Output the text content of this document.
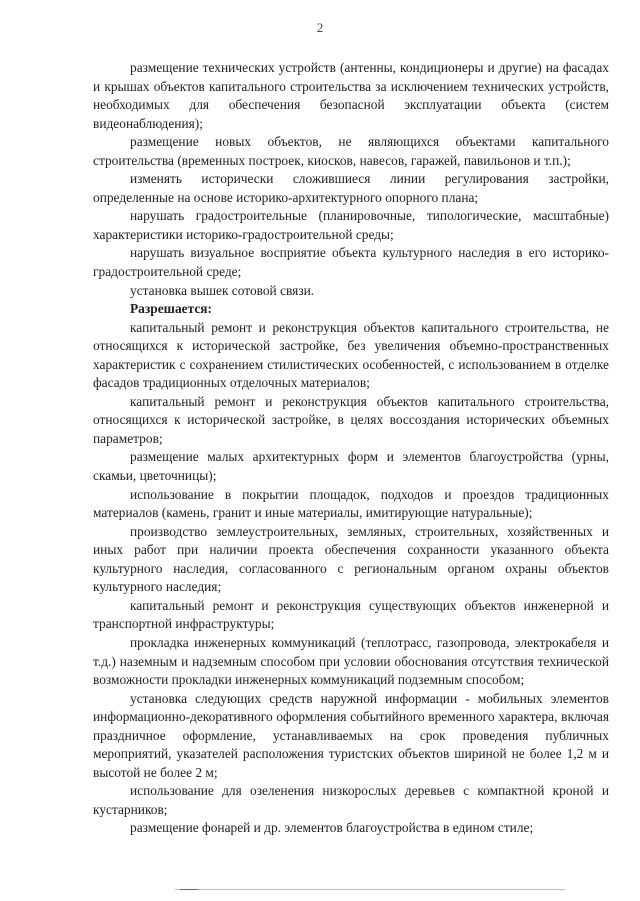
2

размещение технических устройств (антенны, кондиционеры и другие) на фасадах и крышах объектов капитального строительства за исключением технических устройств, необходимых для обеспечения безопасной эксплуатации объекта (систем видеонаблюдения);

размещение новых объектов, не являющихся объектами капитального строительства (временных построек, киосков, навесов, гаражей, павильонов и т.п.);

изменять исторически сложившиеся линии регулирования застройки, определенные на основе историко-архитектурного опорного плана;

нарушать градостроительные (планировочные, типологические, масштабные) характеристики историко-градостроительной среды;

нарушать визуальное восприятие объекта культурного наследия в его историко-градостроительной среде;

установка вышек сотовой связи.

Разрешается:

капитальный ремонт и реконструкция объектов капитального строительства, не относящихся к исторической застройке, без увеличения объемно-пространственных характеристик с сохранением стилистических особенностей, с использованием в отделке фасадов традиционных отделочных материалов;

капитальный ремонт и реконструкция объектов капитального строительства, относящихся к исторической застройке, в целях воссоздания исторических объемных параметров;

размещение малых архитектурных форм и элементов благоустройства (урны, скамьи, цветочницы);

использование в покрытии площадок, подходов и проездов традиционных материалов (камень, гранит и иные материалы, имитирующие натуральные);

производство землеустроительных, земляных, строительных, хозяйственных и иных работ при наличии проекта обеспечения сохранности указанного объекта культурного наследия, согласованного с региональным органом охраны объектов культурного наследия;

капитальный ремонт и реконструкция существующих объектов инженерной и транспортной инфраструктуры;

прокладка инженерных коммуникаций (теплотрасс, газопровода, электрокабеля и т.д.) наземным и надземным способом при условии обоснования отсутствия технической возможности прокладки инженерных коммуникаций подземным способом;

установка следующих средств наружной информации - мобильных элементов информационно-декоративного оформления событийного временного характера, включая праздничное оформление, устанавливаемых на срок проведения публичных мероприятий, указателей расположения туристских объектов шириной не более 1,2 м и высотой не более 2 м;

использование для озеленения низкорослых деревьев с компактной кроной и кустарников;

размещение фонарей и др. элементов благоустройства в едином стиле;
